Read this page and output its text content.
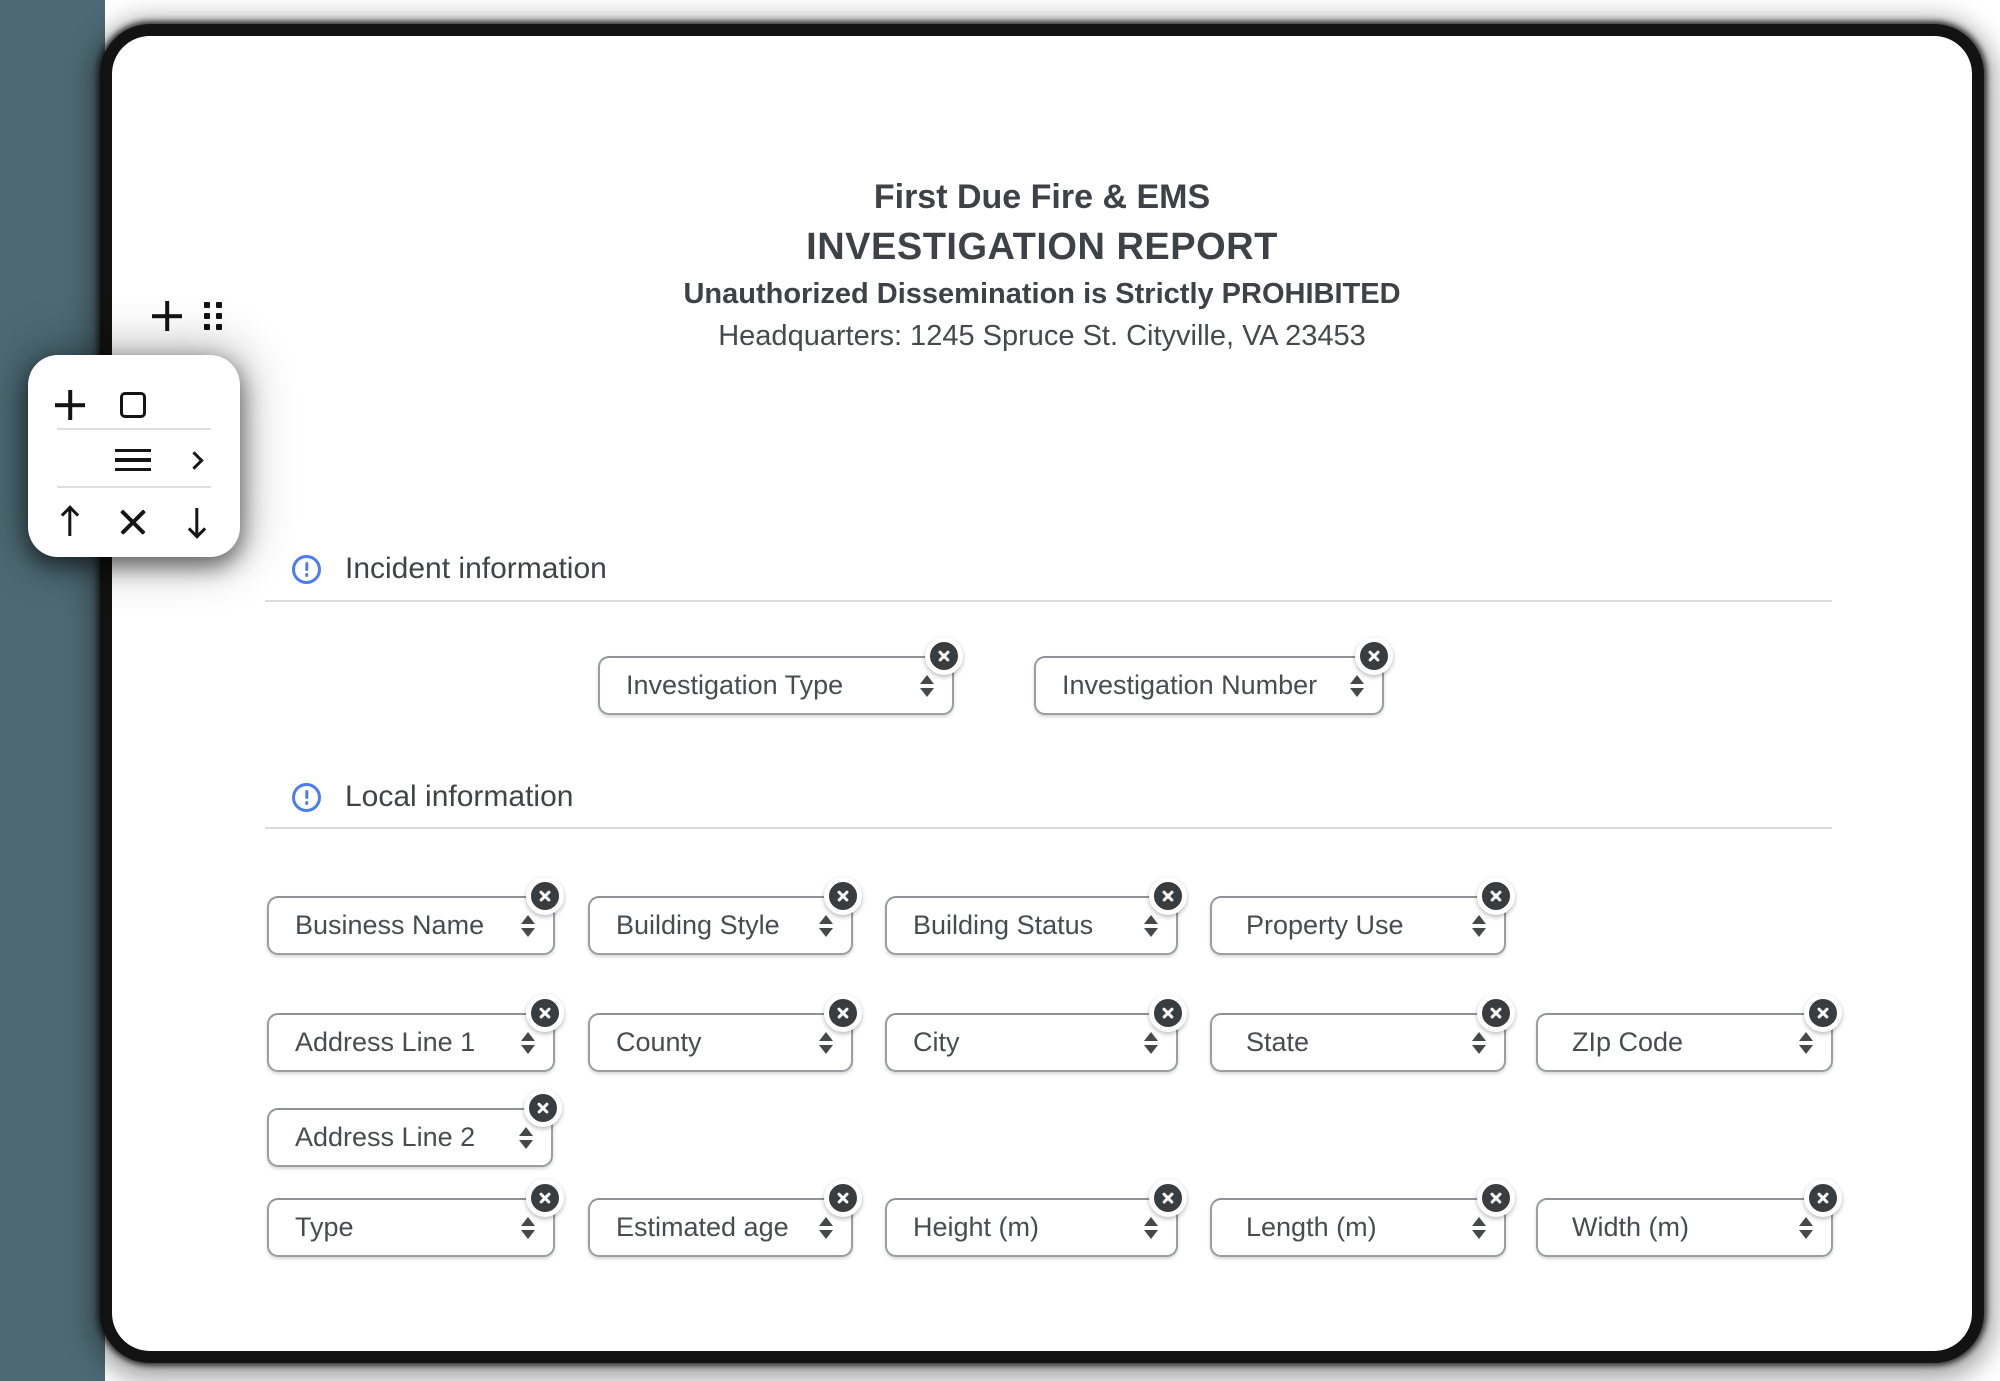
First Due Fire & EMS
INVESTIGATION REPORT
Unauthorized Dissemination is Strictly PROHIBITED
Headquarters: 1245 Spruce St. Cityville, VA 23453
Incident information
Investigation Type	Investigation Number
Local information
Business Name	Building Style	Building Status	Property Use
Address Line 1	County	City	State	ZIp Code
Address Line 2
Type	Estimated age	Height (m)	Length (m)	Width (m)
